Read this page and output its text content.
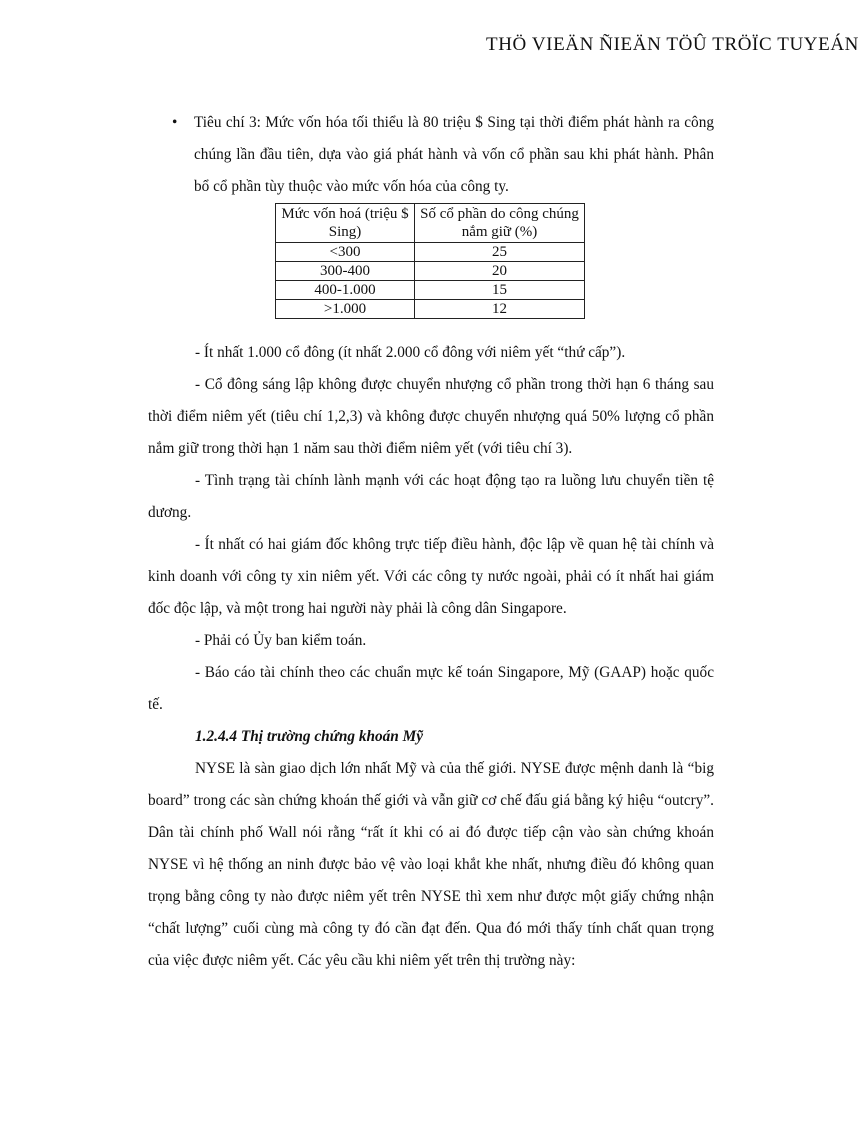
THÖ VIEÄN ÑIEÄN TÖÛ TRÖÏC TUYEÁN
• Tiêu chí 3: Mức vốn hóa tối thiểu là 80 triệu $ Sing tại thời điểm phát hành ra công chúng lần đầu tiên, dựa vào giá phát hành và vốn cổ phần sau khi phát hành. Phân bổ cổ phần tùy thuộc vào mức vốn hóa của công ty.

Mức vốn hoá (triệu $ Sing)	Số cổ phần do công chúng nắm giữ (%)
<300	25
300-400	20
400-1.000	15
>1.000	12

- Ít nhất 1.000 cổ đông (ít nhất 2.000 cổ đông với niêm yết “thứ cấp”).

- Cổ đông sáng lập không được chuyển nhượng cổ phần trong thời hạn 6 tháng sau thời điểm niêm yết (tiêu chí 1,2,3) và không được chuyển nhượng quá 50% lượng cổ phần nắm giữ trong thời hạn 1 năm sau thời điểm niêm yết (với tiêu chí 3).

- Tình trạng tài chính lành mạnh với các hoạt động tạo ra luồng lưu chuyển tiền tệ dương.

- Ít nhất có hai giám đốc không trực tiếp điều hành, độc lập về quan hệ tài chính và kinh doanh với công ty xin niêm yết. Với các công ty nước ngoài, phải có ít nhất hai giám đốc độc lập, và một trong hai người này phải là công dân Singapore.

- Phải có Ủy ban kiểm toán.

- Báo cáo tài chính theo các chuẩn mực kế toán Singapore, Mỹ (GAAP) hoặc quốc tế.

1.2.4.4 Thị trường chứng khoán Mỹ

NYSE là sàn giao dịch lớn nhất Mỹ và của thế giới. NYSE được mệnh danh là “big board” trong các sàn chứng khoán thế giới và vẫn giữ cơ chế đấu giá bằng ký hiệu “outcry”. Dân tài chính phố Wall nói rằng “rất ít khi có ai đó được tiếp cận vào sàn chứng khoán NYSE vì hệ thống an ninh được bảo vệ vào loại khắt khe nhất, nhưng điều đó không quan trọng bằng công ty nào được niêm yết trên NYSE thì xem như được một giấy chứng nhận “chất lượng” cuối cùng mà công ty đó cần đạt đến. Qua đó mới thấy tính chất quan trọng của việc được niêm yết. Các yêu cầu khi niêm yết trên thị trường này:
